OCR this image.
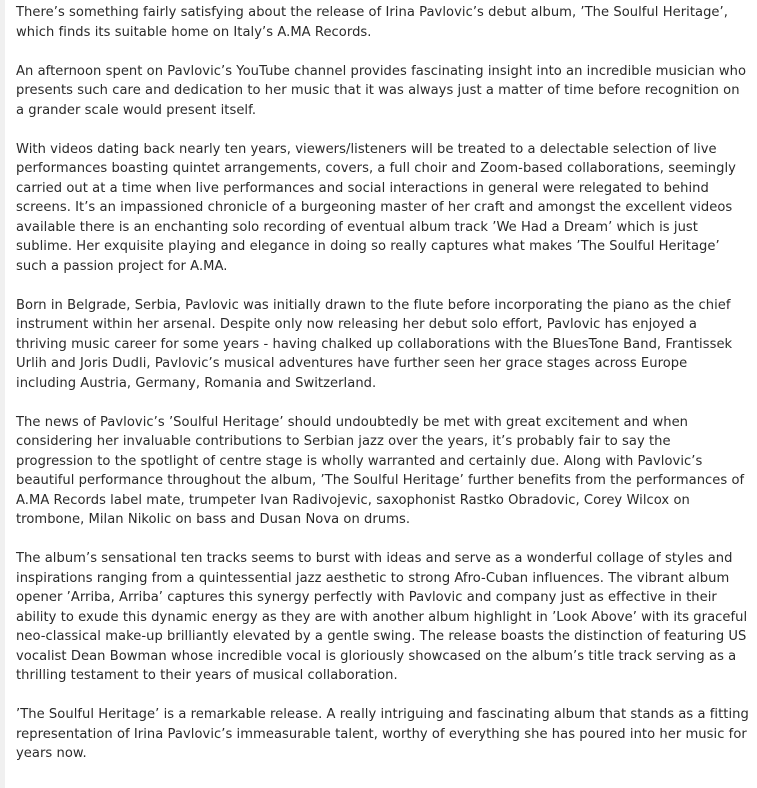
There’s something fairly satisfying about the release of Irina Pavlovic’s debut album, ’The Soulful Heritage’, which finds its suitable home on Italy’s A.MA Records.

An afternoon spent on Pavlovic’s YouTube channel provides fascinating insight into an incredible musician who presents such care and dedication to her music that it was always just a matter of time before recognition on a grander scale would present itself.

With videos dating back nearly ten years, viewers/listeners will be treated to a delectable selection of live performances boasting quintet arrangements, covers, a full choir and Zoom-based collaborations, seemingly carried out at a time when live performances and social interactions in general were relegated to behind screens. It’s an impassioned chronicle of a burgeoning master of her craft and amongst the excellent videos available there is an enchanting solo recording of eventual album track ’We Had a Dream’ which is just sublime. Her exquisite playing and elegance in doing so really captures what makes ’The Soulful Heritage’ such a passion project for A.MA.

Born in Belgrade, Serbia, Pavlovic was initially drawn to the flute before incorporating the piano as the chief instrument within her arsenal. Despite only now releasing her debut solo effort, Pavlovic has enjoyed a thriving music career for some years - having chalked up collaborations with the BluesTone Band, Frantissek Urlih and Joris Dudli, Pavlovic’s musical adventures have further seen her grace stages across Europe including Austria, Germany, Romania and Switzerland.

The news of Pavlovic’s ’Soulful Heritage’ should undoubtedly be met with great excitement and when considering her invaluable contributions to Serbian jazz over the years, it’s probably fair to say the progression to the spotlight of centre stage is wholly warranted and certainly due. Along with Pavlovic’s beautiful performance throughout the album, ’The Soulful Heritage’ further benefits from the performances of A.MA Records label mate, trumpeter Ivan Radivojevic, saxophonist Rastko Obradovic, Corey Wilcox on trombone, Milan Nikolic on bass and Dusan Nova on drums.

The album’s sensational ten tracks seems to burst with ideas and serve as a wonderful collage of styles and inspirations ranging from a quintessential jazz aesthetic to strong Afro-Cuban influences. The vibrant album opener ’Arriba, Arriba’ captures this synergy perfectly with Pavlovic and company just as effective in their ability to exude this dynamic energy as they are with another album highlight in ’Look Above’ with its graceful neo-classical make-up brilliantly elevated by a gentle swing. The release boasts the distinction of featuring US vocalist Dean Bowman whose incredible vocal is gloriously showcased on the album’s title track serving as a thrilling testament to their years of musical collaboration.

’The Soulful Heritage’ is a remarkable release. A really intriguing and fascinating album that stands as a fitting representation of Irina Pavlovic’s immeasurable talent, worthy of everything she has poured into her music for years now.
